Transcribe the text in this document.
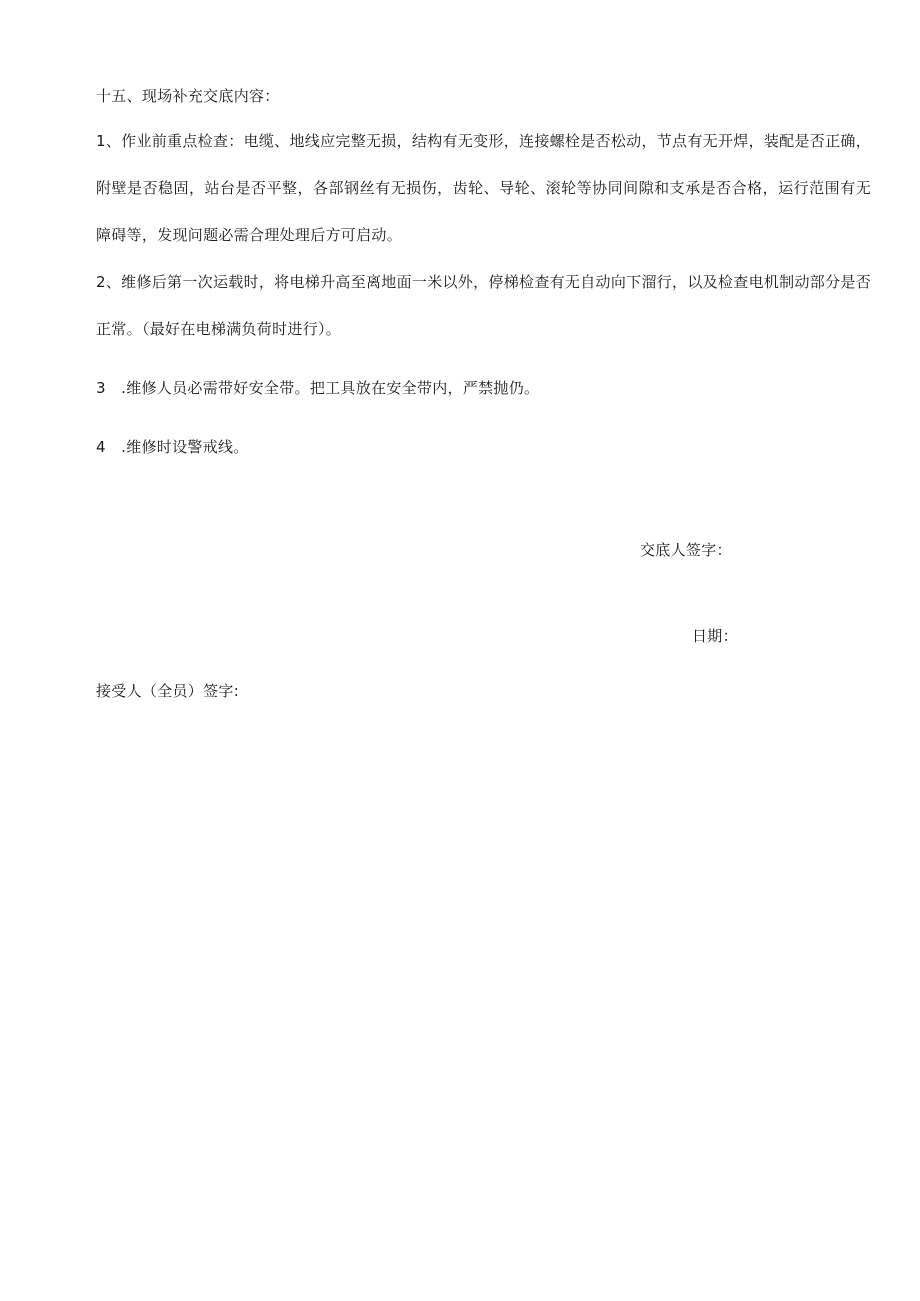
十五、现场补充交底内容：
1、作业前重点检查：电缆、地线应完整无损，结构有无变形，连接螺栓是否松动，节点有无开焊，装配是否正确，附壁是否稳固，站台是否平整，各部钢丝有无损伤，齿轮、导轮、滚轮等协同间隙和支承是否合格，运行范围有无障碍等，发现问题必需合理处理后方可启动。
2、维修后第一次运载时，将电梯升高至离地面一米以外，停梯检查有无自动向下溜行，以及检查电机制动部分是否正常。（最好在电梯满负荷时进行）。
3　.维修人员必需带好安全带。把工具放在安全带内，严禁抛仍。
4　.维修时设警戒线。
交底人签字：
日期：
接受人（全员）签字:
